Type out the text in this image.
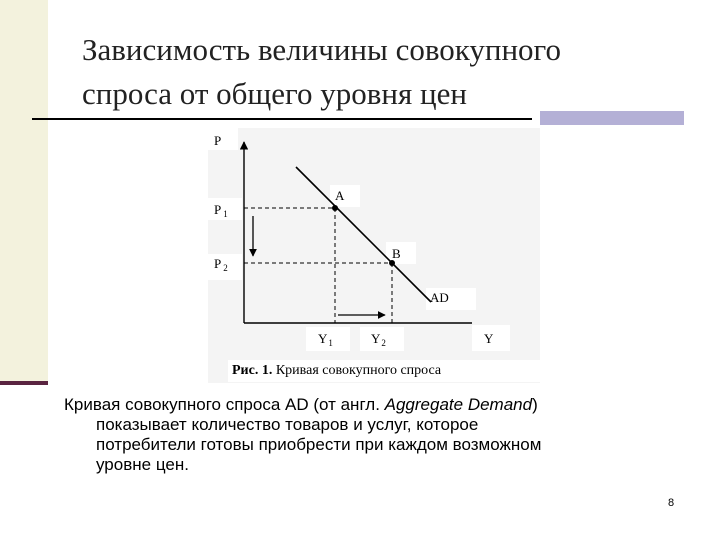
Зависимость величины совокупного
спроса от общего уровня цен
P
P $_1$
P $_2$
A
B
AD
$Y_1$	$Y_2$	Y
Рис. 1. Кривая совокупного спроса
Кривая совокупного спроса AD (от англ. Aggregate Demand)
показывает количество товаров и услуг, которое
потребители готовы приобрести при каждом возможном
уровне цен.
8
